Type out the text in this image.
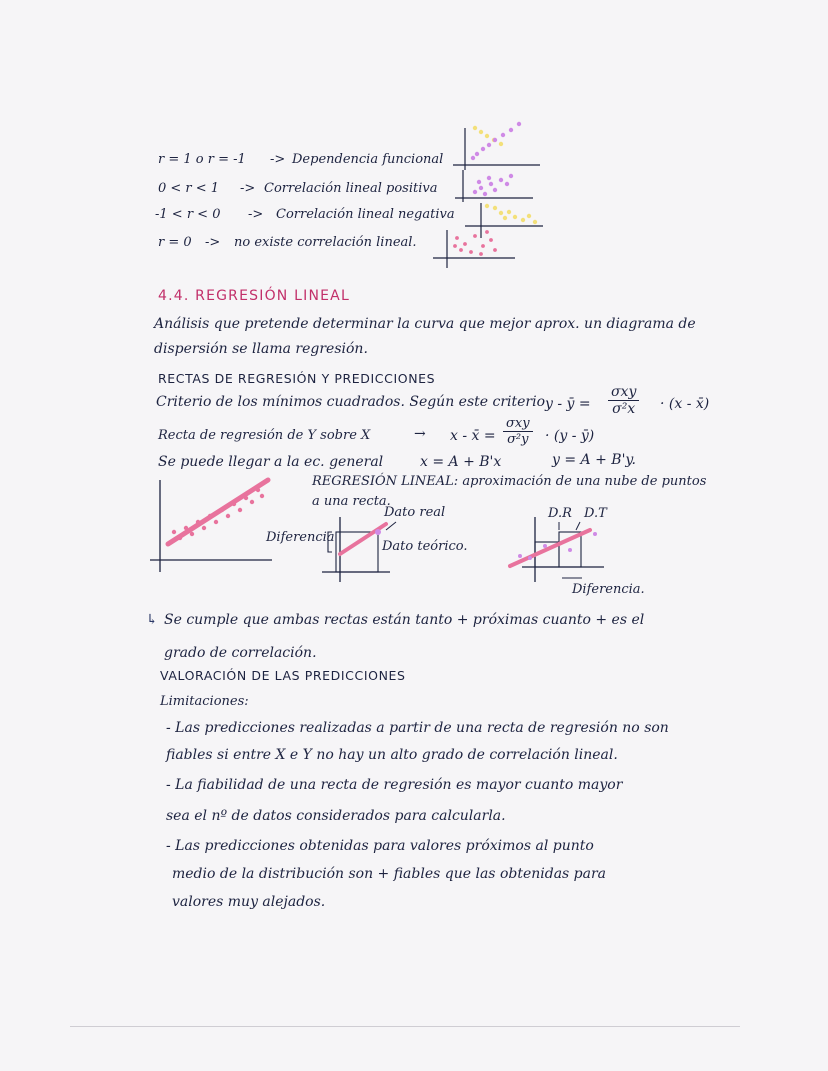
r = 1 o r = -1 -> Dependencia funcional
0 < r < 1 -> Correlación lineal positiva
-1 < r < 0 -> Correlación lineal negativa
r = 0 -> no existe correlación lineal.
4.4. REGRESIÓN LINEAL
Análisis que pretende determinar la curva que mejor aprox. un diagrama de
dispersión se llama regresión.
RECTAS DE REGRESIÓN Y PREDICCIONES
Criterio de los mínimos cuadrados. Según este criterio y - ȳ =
σxy
σ²x · (x - x̄)
Recta de regresión de Y sobre X	→ x - x̄ =
σxy
σ²y · (y - ȳ)
Se puede llegar a la ec. general	x = A + B'x	y = A + B'y.
REGRESIÓN LINEAL: aproximación de una nube de puntos
a una recta.
Diferencia
Dato real
Dato teórico.
D.R D.T
Diferencia.
↳ Se cumple que ambas rectas están tanto + próximas cuanto + es el
grado de correlación.
VALORACIÓN DE LAS PREDICCIONES
Limitaciones:
- Las predicciones realizadas a partir de una recta de regresión no son
fiables si entre X e Y no hay un alto grado de correlación lineal.
- La fiabilidad de una recta de regresión es mayor cuanto mayor
sea el nº de datos considerados para calcularla.
- Las predicciones obtenidas para valores próximos al punto
medio de la distribución son + fiables que las obtenidas para
valores muy alejados.
